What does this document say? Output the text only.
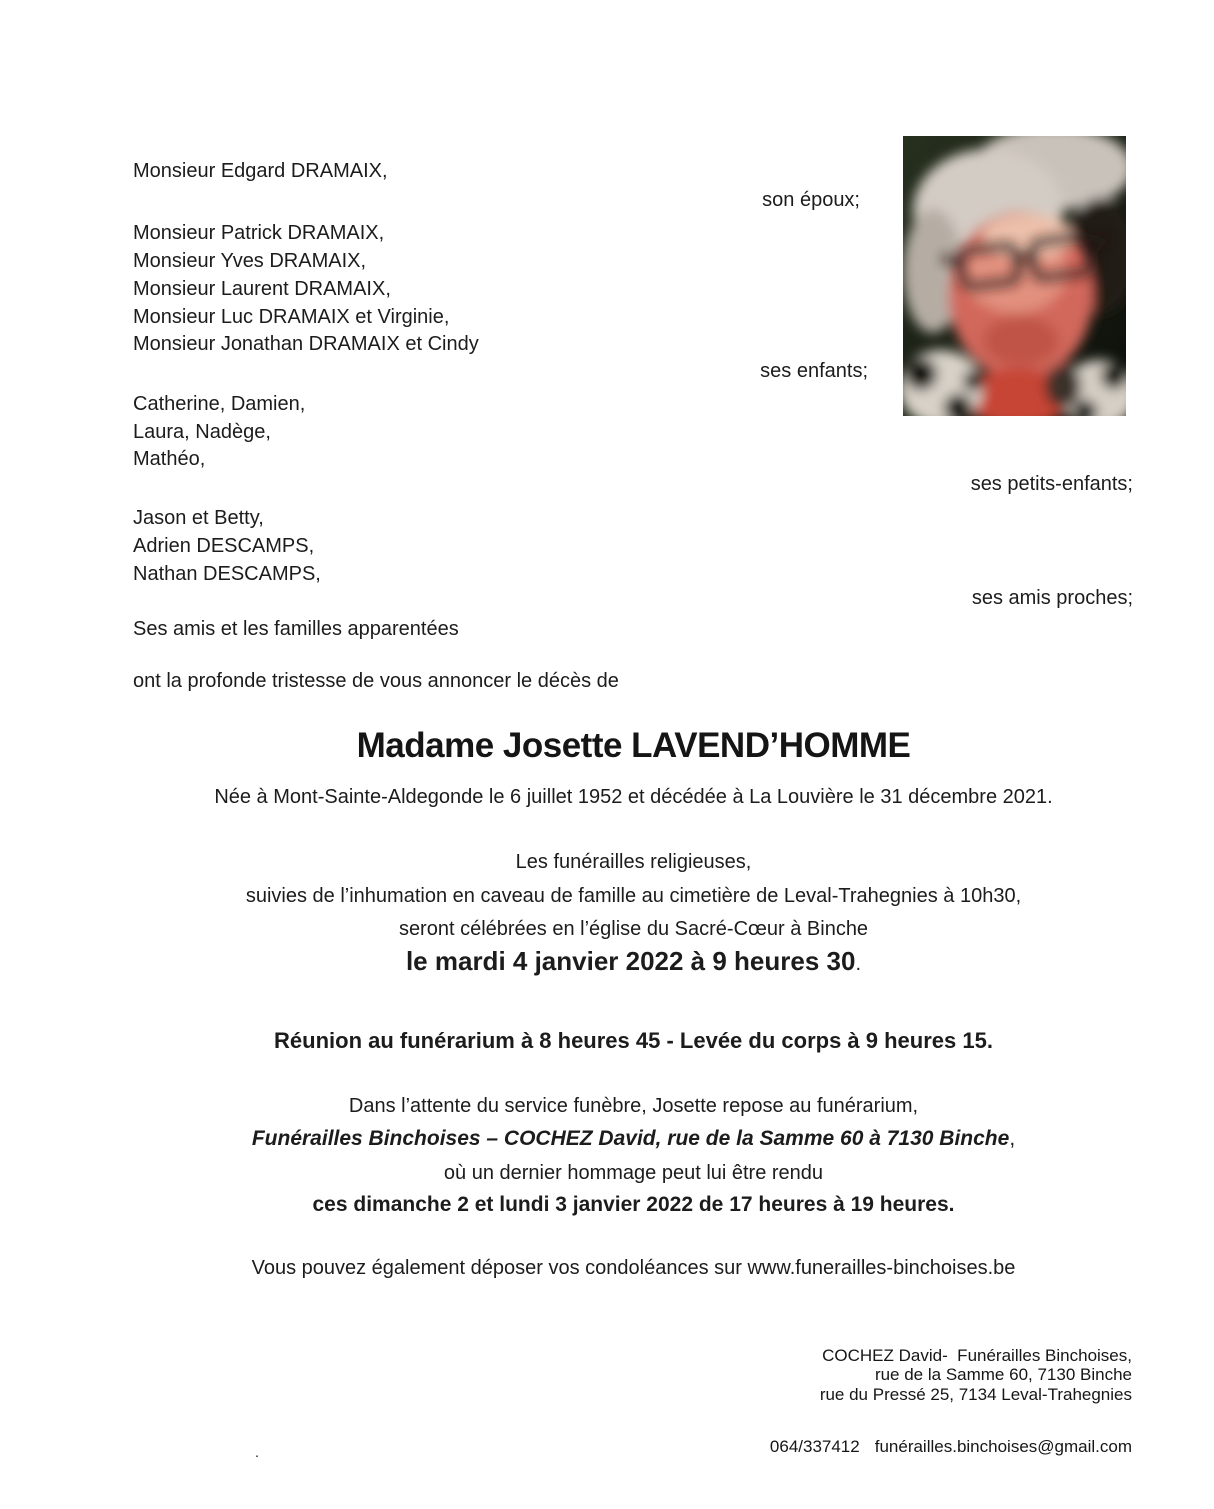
Monsieur Edgard DRAMAIX,
son époux;
Monsieur Patrick DRAMAIX,
Monsieur Yves DRAMAIX,
Monsieur Laurent DRAMAIX,
Monsieur Luc DRAMAIX et Virginie,
Monsieur Jonathan DRAMAIX et Cindy
ses enfants;
Catherine, Damien,
Laura, Nadège,
Mathéo,
ses petits-enfants;
Jason et Betty,
Adrien DESCAMPS,
Nathan DESCAMPS,
ses amis proches;
Ses amis et les familles apparentées
ont la profonde tristesse de vous annoncer le décès de
Madame Josette LAVEND’HOMME
Née à Mont-Sainte-Aldegonde le 6 juillet 1952 et décédée à La Louvière le 31 décembre 2021.
Les funérailles religieuses,
suivies de l’inhumation en caveau de famille au cimetière de Leval-Trahegnies à 10h30,
seront célébrées en l’église du Sacré-Cœur à Binche
le mardi 4 janvier 2022 à 9 heures 30.
Réunion au funérarium à 8 heures 45 - Levée du corps à 9 heures 15.
Dans l’attente du service funèbre, Josette repose au funérarium,
Funérailles Binchoises – COCHEZ David, rue de la Samme 60 à 7130 Binche,
où un dernier hommage peut lui être rendu
ces dimanche 2 et lundi 3 janvier 2022 de 17 heures à 19 heures.
Vous pouvez également déposer vos condoléances sur www.funerailles-binchoises.be
COCHEZ David-  Funérailles Binchoises,
rue de la Samme 60, 7130 Binche
rue du Pressé 25, 7134 Leval-Trahegnies
064/337412 funérailles.binchoises@gmail.com
.
